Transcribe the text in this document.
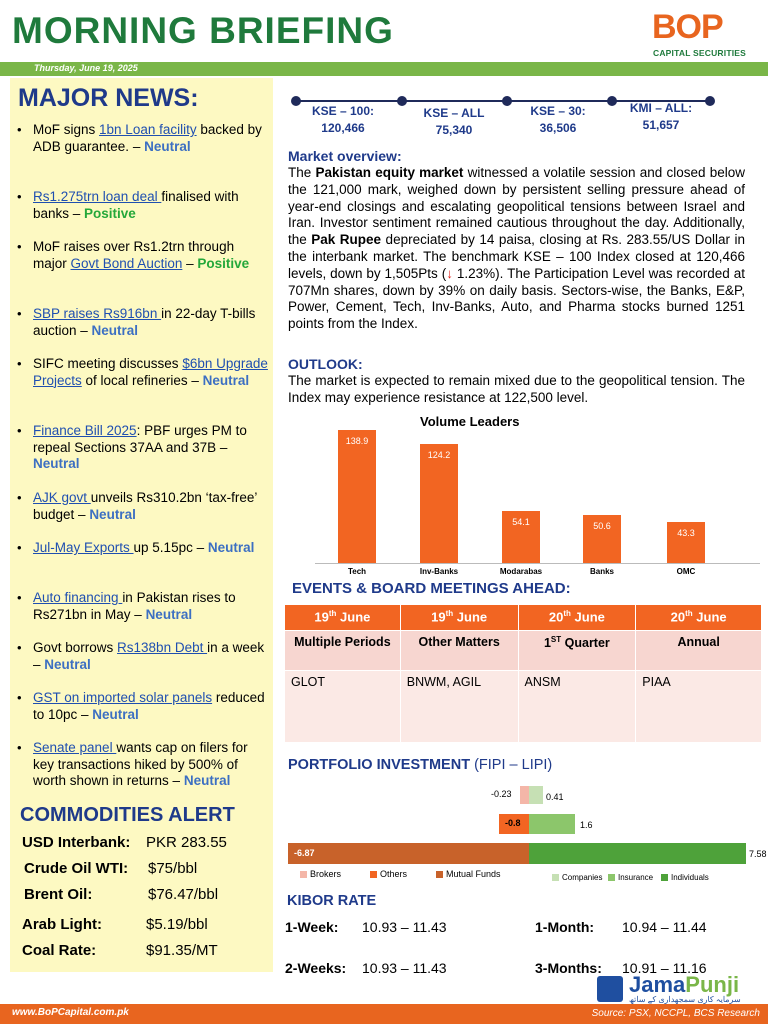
MORNING BRIEFING	BOP
CAPITAL SECURITIES
Thursday, June 19, 2025
MAJOR NEWS:
• MoF signs 1bn Loan facility backed by ADB guarantee. – Neutral
• Rs1.275trn loan deal finalised with banks – Positive
• MoF raises over Rs1.2trn through major Govt Bond Auction – Positive
• SBP raises Rs916bn in 22-day T-bills auction – Neutral
• SIFC meeting discusses $6bn Upgrade Projects of local refineries – Neutral
• Finance Bill 2025: PBF urges PM to repeal Sections 37AA and 37B – Neutral
• AJK govt unveils Rs310.2bn ‘tax-free’ budget – Neutral
• Jul-May Exports up 5.15pc – Neutral
• Auto financing in Pakistan rises to Rs271bn in May – Neutral
• Govt borrows Rs138bn Debt in a week – Neutral
• GST on imported solar panels reduced to 10pc – Neutral
• Senate panel wants cap on filers for key transactions hiked by 500% of worth shown in returns – Neutral
COMMODITIES ALERT
USD Interbank: PKR 283.55
Crude Oil WTI: $75/bbl
Brent Oil:	$76.47/bbl
Arab Light:	$5.19/bbl
Coal Rate:	$91.35/MT
KSE – 100:
120,466
KSE – ALL
75,340
KSE – 30:
36,506
KMI – ALL:
51,657
Market overview:
The Pakistan equity market witnessed a volatile session and closed below the 121,000 mark, weighed down by persistent selling pressure ahead of year-end closings and escalating geopolitical tensions between Israel and Iran. Investor sentiment remained cautious throughout the day. Additionally, the Pak Rupee depreciated by 14 paisa, closing at Rs. 283.55/US Dollar in the interbank market. The benchmark KSE – 100 Index closed at 120,466 levels, down by 1,505Pts (↓ 1.23%). The Participation Level was recorded at 707Mn shares, down by 39% on daily basis. Sectors-wise, the Banks, E&P, Power, Cement, Tech, Inv-Banks, Auto, and Pharma stocks burned 1251 points from the Index.
OUTLOOK:
The market is expected to remain mixed due to the geopolitical tension. The Index may experience resistance at 122,500 level.
Volume Leaders
138.9
Tech
124.2
Inv-Banks
54.1
Modarabas
50.6
Banks
43.3
OMC
EVENTS & BOARD MEETINGS AHEAD:
19th June	19th June	20th June	20th June
Multiple Periods	Other Matters	1ST Quarter	Annual
GLOT	BNWM, AGIL	ANSM	PIAA
PORTFOLIO INVESTMENT (FIPI – LIPI)
-0.23	0.41
-0.8	1.6
-6.87	7.58
Brokers	Others	Mutual Funds	Companies	Insurance	Individuals
KIBOR RATE
1-Week: 10.93 – 11.43	1-Month: 10.94 – 11.44
2-Weeks: 10.93 – 11.43	3-Months: 10.91 – 11.16
JamaPunji
سرمایہ کاری سمجھداری کے ساتھ
www.BoPCapital.com.pk	Source: PSX, NCCPL, BCS Research
